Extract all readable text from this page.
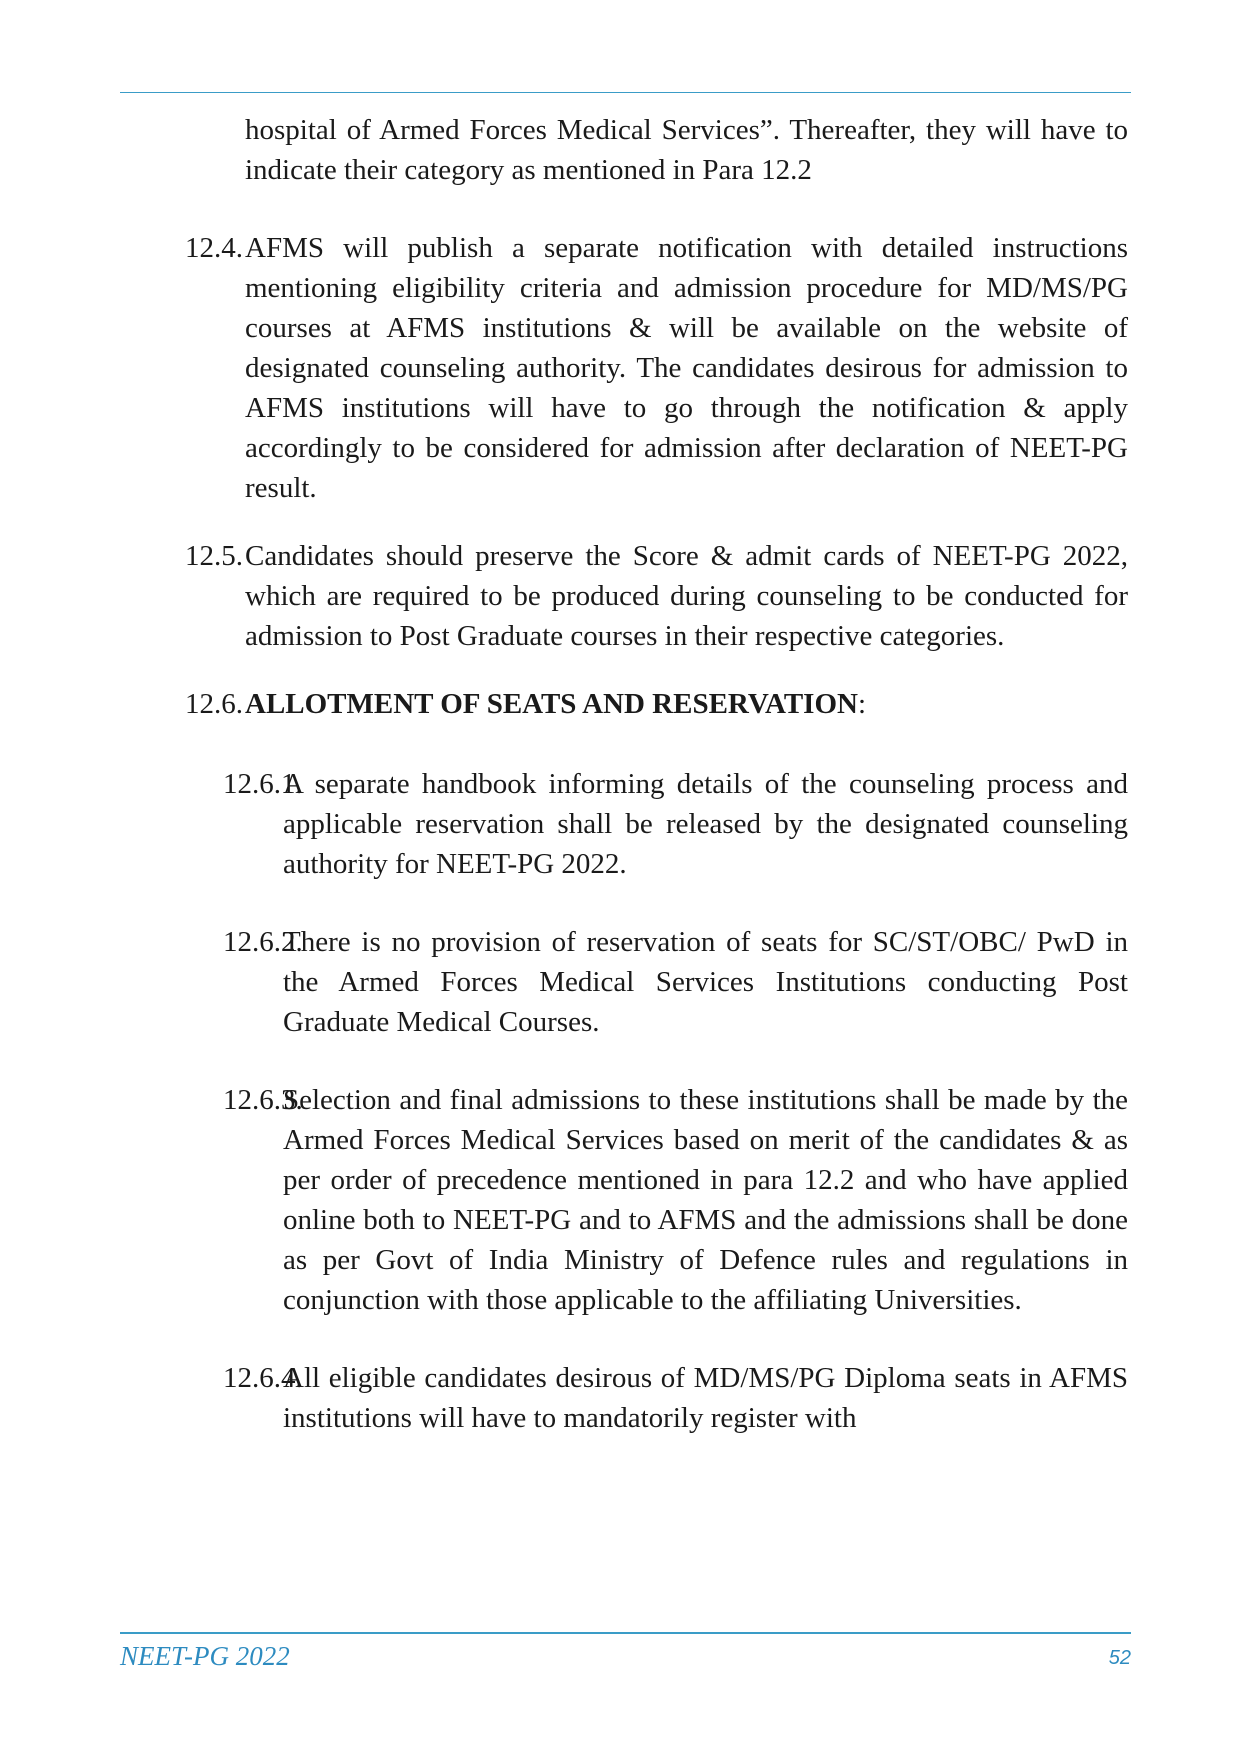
hospital of Armed Forces Medical Services”. Thereafter, they will have to indicate their category as mentioned in Para 12.2
12.4. AFMS will publish a separate notification with detailed instructions mentioning eligibility criteria and admission procedure for MD/MS/PG courses at AFMS institutions & will be available on the website of designated counseling authority. The candidates desirous for admission to AFMS institutions will have to go through the notification & apply accordingly to be considered for admission after declaration of NEET-PG result.
12.5. Candidates should preserve the Score & admit cards of NEET-PG 2022, which are required to be produced during counseling to be conducted for admission to Post Graduate courses in their respective categories.
12.6. ALLOTMENT OF SEATS AND RESERVATION:
12.6.1.
A separate handbook informing details of the counseling process and applicable reservation shall be released by the designated counseling authority for NEET-PG 2022.
12.6.2.
There is no provision of reservation of seats for SC/ST/OBC/ PwD in the Armed Forces Medical Services Institutions conducting Post Graduate Medical Courses.
12.6.3.
Selection and final admissions to these institutions shall be made by the Armed Forces Medical Services based on merit of the candidates & as per order of precedence mentioned in para 12.2 and who have applied online both to NEET-PG and to AFMS and the admissions shall be done as per Govt of India Ministry of Defence rules and regulations in conjunction with those applicable to the affiliating Universities.
12.6.4.
All eligible candidates desirous of MD/MS/PG Diploma seats in AFMS institutions will have to mandatorily register with
NEET-PG 2022	52
